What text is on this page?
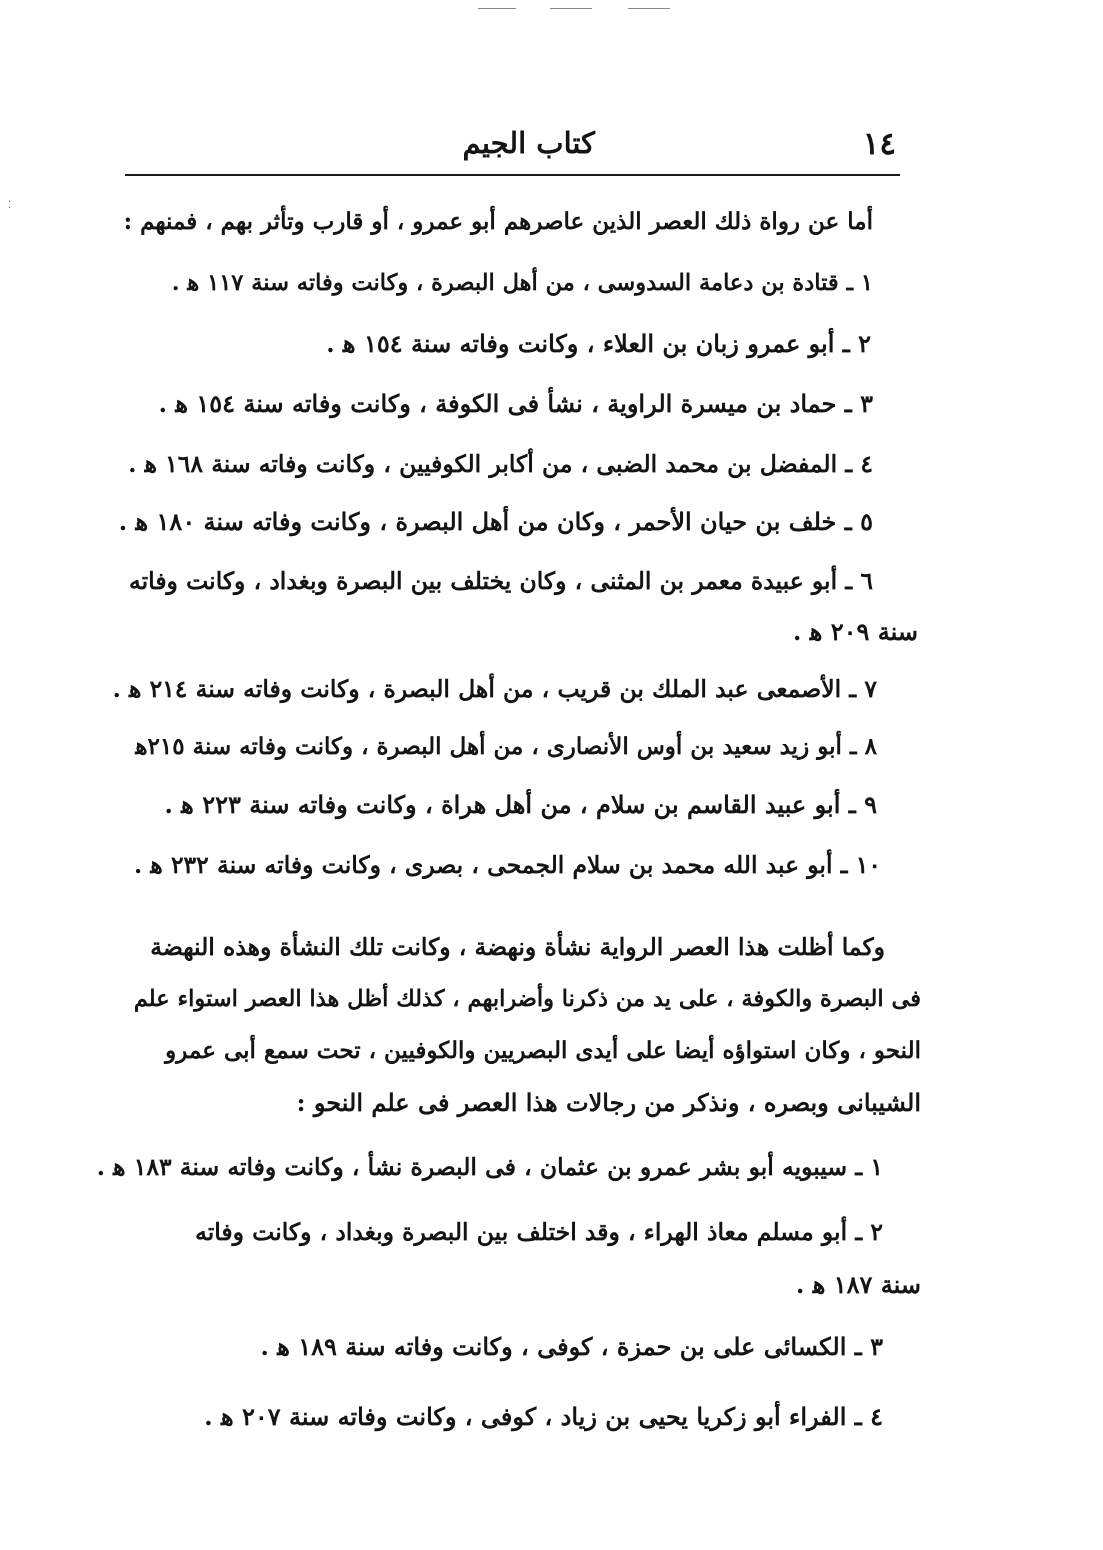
⁚
١٤
كتاب الجيم
أما عن رواة ذلك العصر الذين عاصرهم أبو عمرو ، أو قارب وتأثر بهم ، فمنهم :
١ ـ قتادة بن دعامة السدوسى ، من أهل البصرة ، وكانت وفاته سنة ١١٧ ﻫ .
٢ ـ أبو عمرو زبان بن العلاء ، وكانت وفاته سنة ١٥٤ ﻫ .
٣ ـ حماد بن ميسرة الراوية ، نشأ فى الكوفة ، وكانت وفاته سنة ١٥٤ ﻫ .
٤ ـ المفضل بن محمد الضبى ، من أكابر الكوفيين ، وكانت وفاته سنة ١٦٨ ﻫ .
٥ ـ خلف بن حيان الأحمر ، وكان من أهل البصرة ، وكانت وفاته سنة ١٨٠ ﻫ .
٦ ـ أبو عبيدة معمر بن المثنى ، وكان يختلف بين البصرة وبغداد ، وكانت وفاته
سنة ٢٠٩ ﻫ .
٧ ـ الأصمعى عبد الملك بن قريب ، من أهل البصرة ، وكانت وفاته سنة ٢١٤ ﻫ .
٨ ـ أبو زيد سعيد بن أوس الأنصارى ، من أهل البصرة ، وكانت وفاته سنة ٢١٥ﻫ
٩ ـ أبو عبيد القاسم بن سلام ، من أهل هراة ، وكانت وفاته سنة ٢٢٣ ﻫ .
١٠ ـ أبو عبد الله محمد بن سلام الجمحى ، بصرى ، وكانت وفاته سنة ٢٣٢ ﻫ .
وكما أظلت هذا العصر الرواية نشأة ونهضة ، وكانت تلك النشأة وهذه النهضة
فى البصرة والكوفة ، على يد من ذكرنا وأضرابهم ، كذلك أظل هذا العصر استواء علم
النحو ، وكان استواؤه أيضا على أيدى البصريين والكوفيين ، تحت سمع أبى عمرو
الشيبانى وبصره ، ونذكر من رجالات هذا العصر فى علم النحو :
١ ـ سيبويه أبو بشر عمرو بن عثمان ، فى البصرة نشأ ، وكانت وفاته سنة ١٨٣ ﻫ .
٢ ـ أبو مسلم معاذ الهراء ، وقد اختلف بين البصرة وبغداد ، وكانت وفاته
سنة ١٨٧ ﻫ .
٣ ـ الكسائى على بن حمزة ، كوفى ، وكانت وفاته سنة ١٨٩ ﻫ .
٤ ـ الفراء أبو زكريا يحيى بن زياد ، كوفى ، وكانت وفاته سنة ٢٠٧ ﻫ .
